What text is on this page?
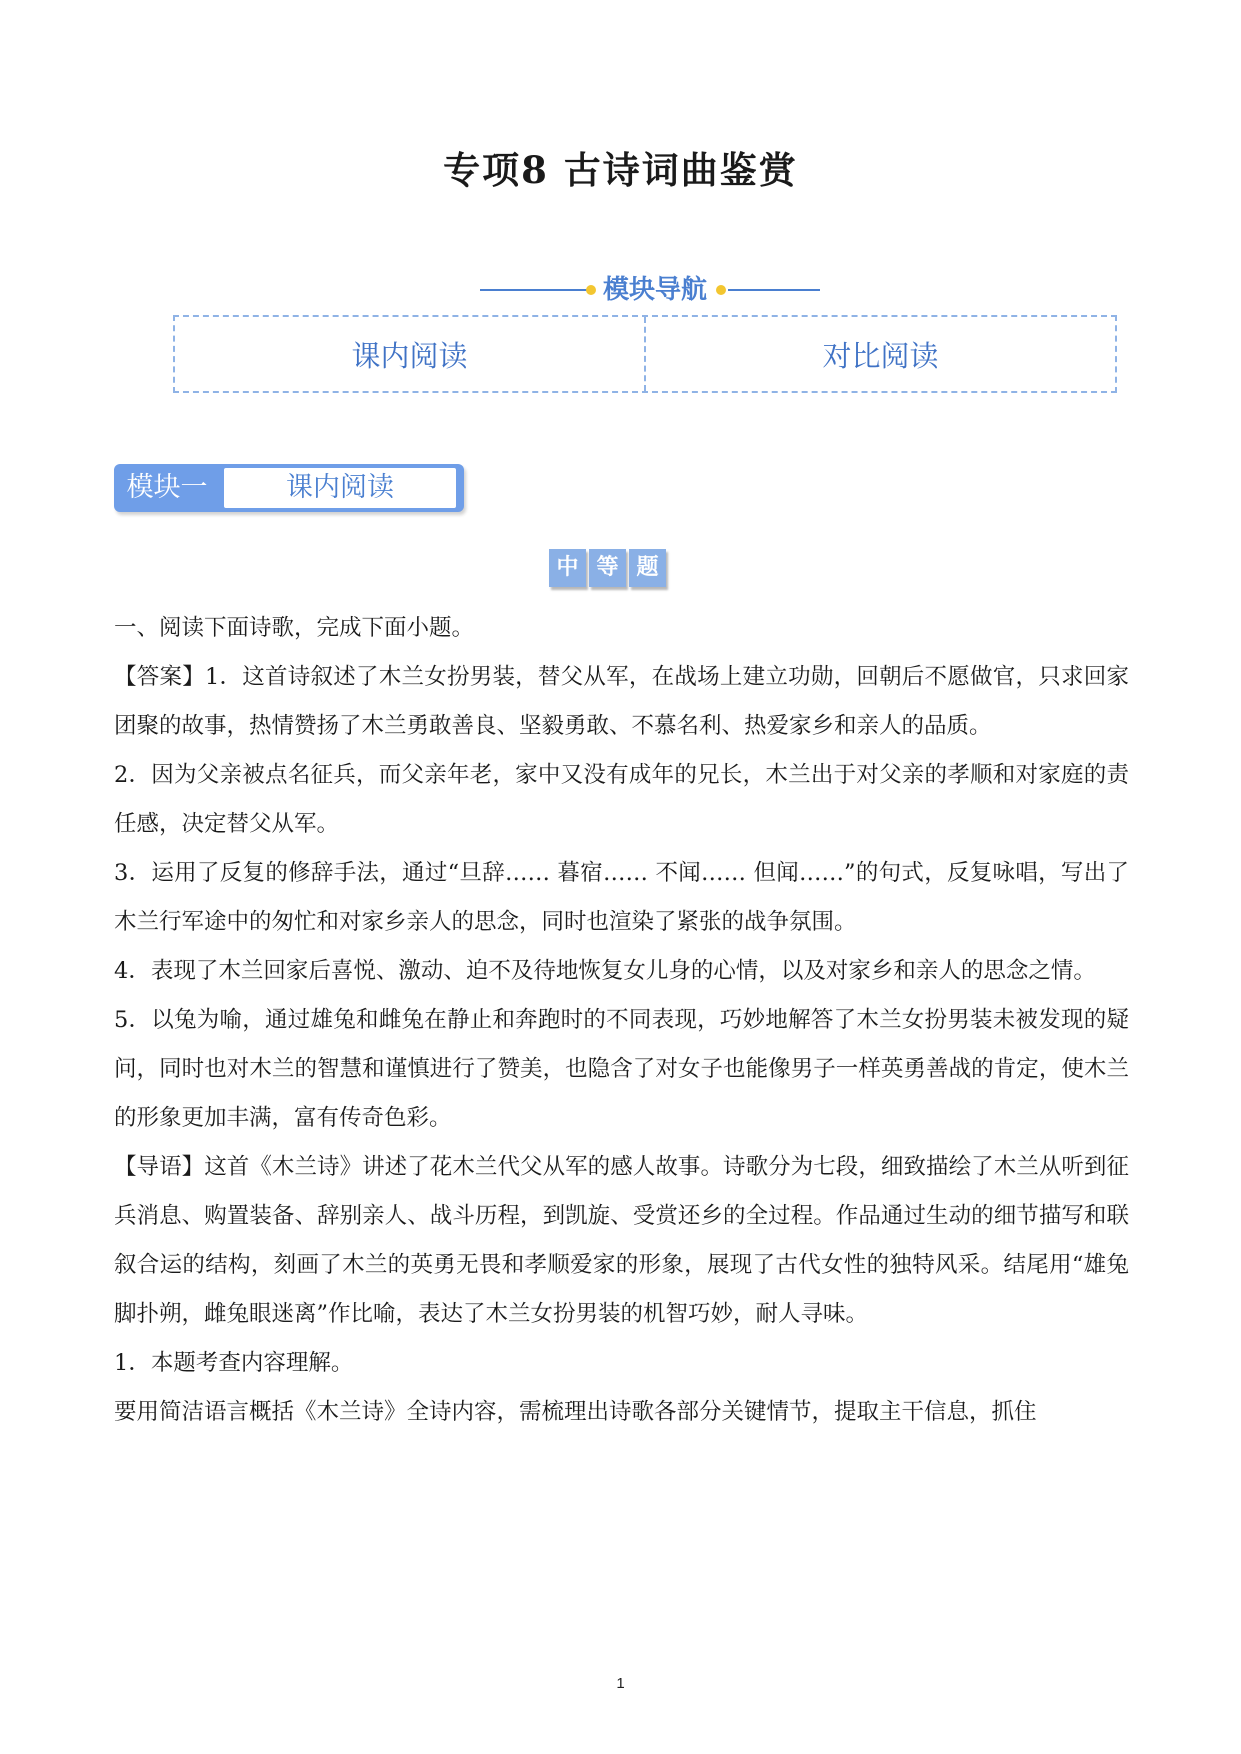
专项8 古诗词曲鉴赏
模块导航
课内阅读	对比阅读
模块一	课内阅读
中 等 题

一、阅读下面诗歌，完成下面小题。

【答案】1．这首诗叙述了木兰女扮男装，替父从军，在战场上建立功勋，回朝后不愿做官，只求回家团聚的故事，热情赞扬了木兰勇敢善良、坚毅勇敢、不慕名利、热爱家乡和亲人的品质。

2．因为父亲被点名征兵，而父亲年老，家中又没有成年的兄长，木兰出于对父亲的孝顺和对家庭的责任感，决定替父从军。

3．运用了反复的修辞手法，通过“旦辞…… 暮宿…… 不闻…… 但闻……”的句式，反复咏唱，写出了木兰行军途中的匆忙和对家乡亲人的思念，同时也渲染了紧张的战争氛围。

4．表现了木兰回家后喜悦、激动、迫不及待地恢复女儿身的心情，以及对家乡和亲人的思念之情。

5．以兔为喻，通过雄兔和雌兔在静止和奔跑时的不同表现，巧妙地解答了木兰女扮男装未被发现的疑问，同时也对木兰的智慧和谨慎进行了赞美，也隐含了对女子也能像男子一样英勇善战的肯定，使木兰的形象更加丰满，富有传奇色彩。

【导语】这首《木兰诗》讲述了花木兰代父从军的感人故事。诗歌分为七段，细致描绘了木兰从听到征兵消息、购置装备、辞别亲人、战斗历程，到凯旋、受赏还乡的全过程。作品通过生动的细节描写和联叙合运的结构，刻画了木兰的英勇无畏和孝顺爱家的形象，展现了古代女性的独特风采。结尾用“雄兔脚扑朔，雌兔眼迷离”作比喻，表达了木兰女扮男装的机智巧妙，耐人寻味。

1．本题考查内容理解。

要用简洁语言概括《木兰诗》全诗内容，需梳理出诗歌各部分关键情节，提取主干信息，抓住

1
